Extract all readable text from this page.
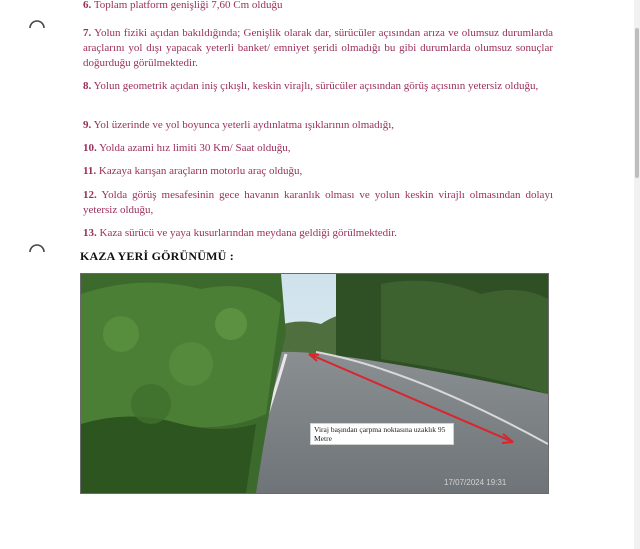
6. Toplam platform genişliği 7,60 Cm olduğu
7. Yolun fiziki açıdan bakıldığında; Genişlik olarak dar, sürücüler açısından arıza ve olumsuz durumlarda araçlarını yol dışı yapacak yeterli banket/ emniyet şeridi olmadığı bu gibi durumlarda olumsuz sonuçlar doğurduğu görülmektedir.
8. Yolun geometrik açıdan iniş çıkışlı, keskin virajlı, sürücüler açısından görüş açısının yetersiz olduğu,
9. Yol üzerinde ve yol boyunca yeterli aydınlatma ışıklarının olmadığı,
10. Yolda azami hız limiti 30 Km/ Saat olduğu,
11. Kazaya karışan araçların motorlu araç olduğu,
12. Yolda görüş mesafesinin gece havanın karanlık olması ve yolun keskin virajlı olmasından dolayı yetersiz olduğu,
13. Kaza sürücü ve yaya kusurlarından meydana geldiği görülmektedir.
KAZA YERİ GÖRÜNÜMÜ :
Viraj başından çarpma noktasına uzaklık 95 Metre
17/07/2024 19:31
